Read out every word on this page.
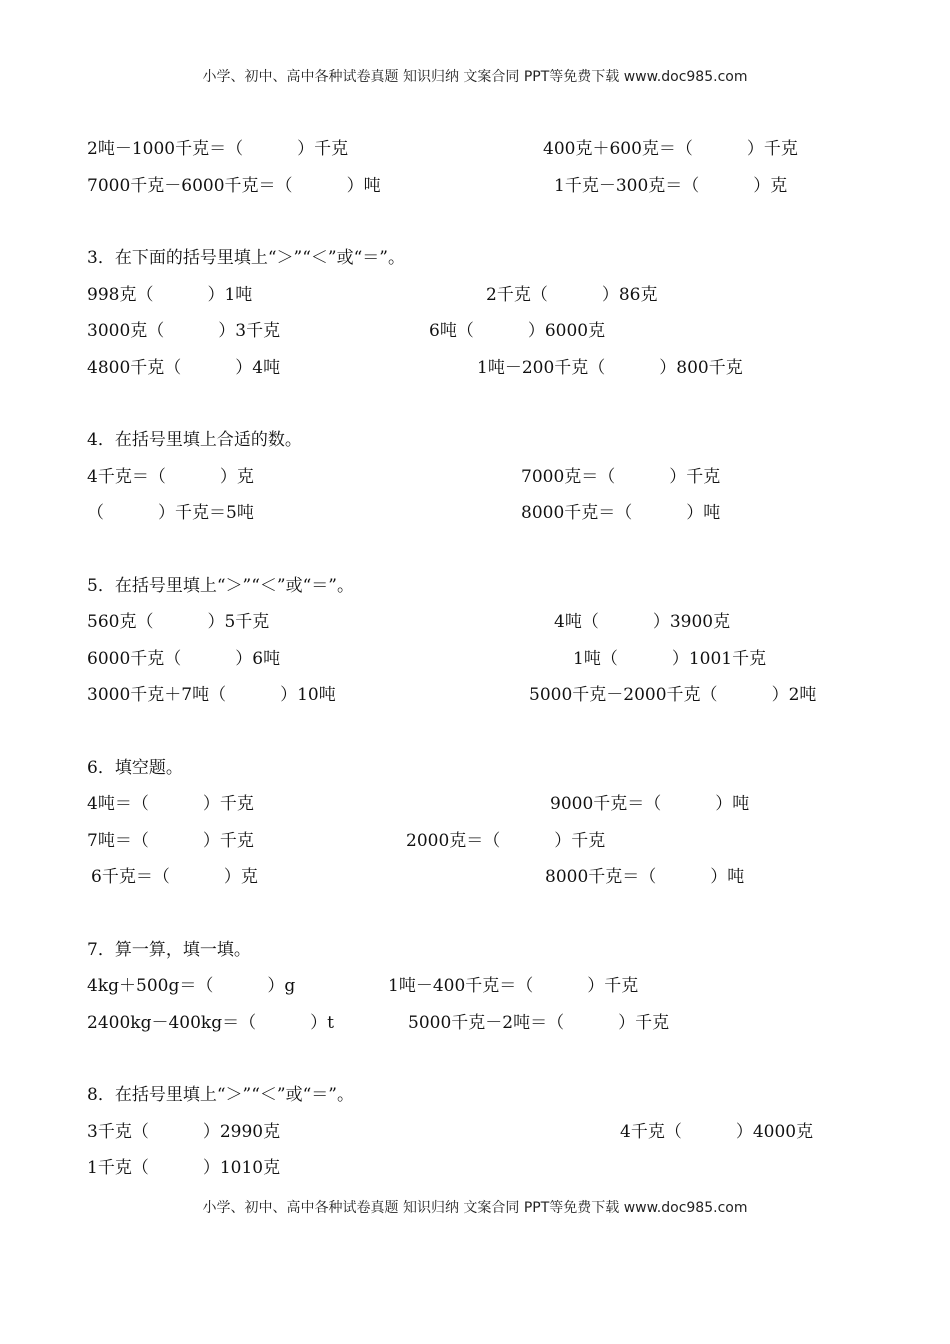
小学、初中、高中各种试卷真题 知识归纳 文案合同 PPT等免费下载 www.doc985.com
2吨－1000千克＝（          ）千克	400克＋600克＝（          ）千克
7000千克－6000千克＝（          ）吨	1千克－300克＝（          ）克
3．在下面的括号里填上“＞”“＜”或“＝”。
998克（          ）1吨	2千克（          ）86克
3000克（          ）3千克	6吨（          ）6000克
4800千克（          ）4吨	1吨－200千克（          ）800千克
4．在括号里填上合适的数。
4千克＝（          ）克	7000克＝（          ）千克
（          ）千克＝5吨	8000千克＝（          ）吨
5．在括号里填上“＞”“＜”或“＝”。
560克（          ）5千克	4吨（          ）3900克
6000千克（          ）6吨	1吨（          ）1001千克
3000千克＋7吨（          ）10吨	5000千克－2000千克（          ）2吨
6．填空题。
4吨＝（          ）千克	9000千克＝（          ）吨
7吨＝（          ）千克	2000克＝（          ）千克
6千克＝（          ）克	8000千克＝（          ）吨
7．算一算，填一填。
4kg＋500g＝（          ）g	1吨－400千克＝（          ）千克
2400kg－400kg＝（          ）t	5000千克－2吨＝（          ）千克
8．在括号里填上“＞”“＜”或“＝”。
3千克（          ）2990克	4千克（          ）4000克
1千克（          ）1010克
小学、初中、高中各种试卷真题 知识归纳 文案合同 PPT等免费下载 www.doc985.com
